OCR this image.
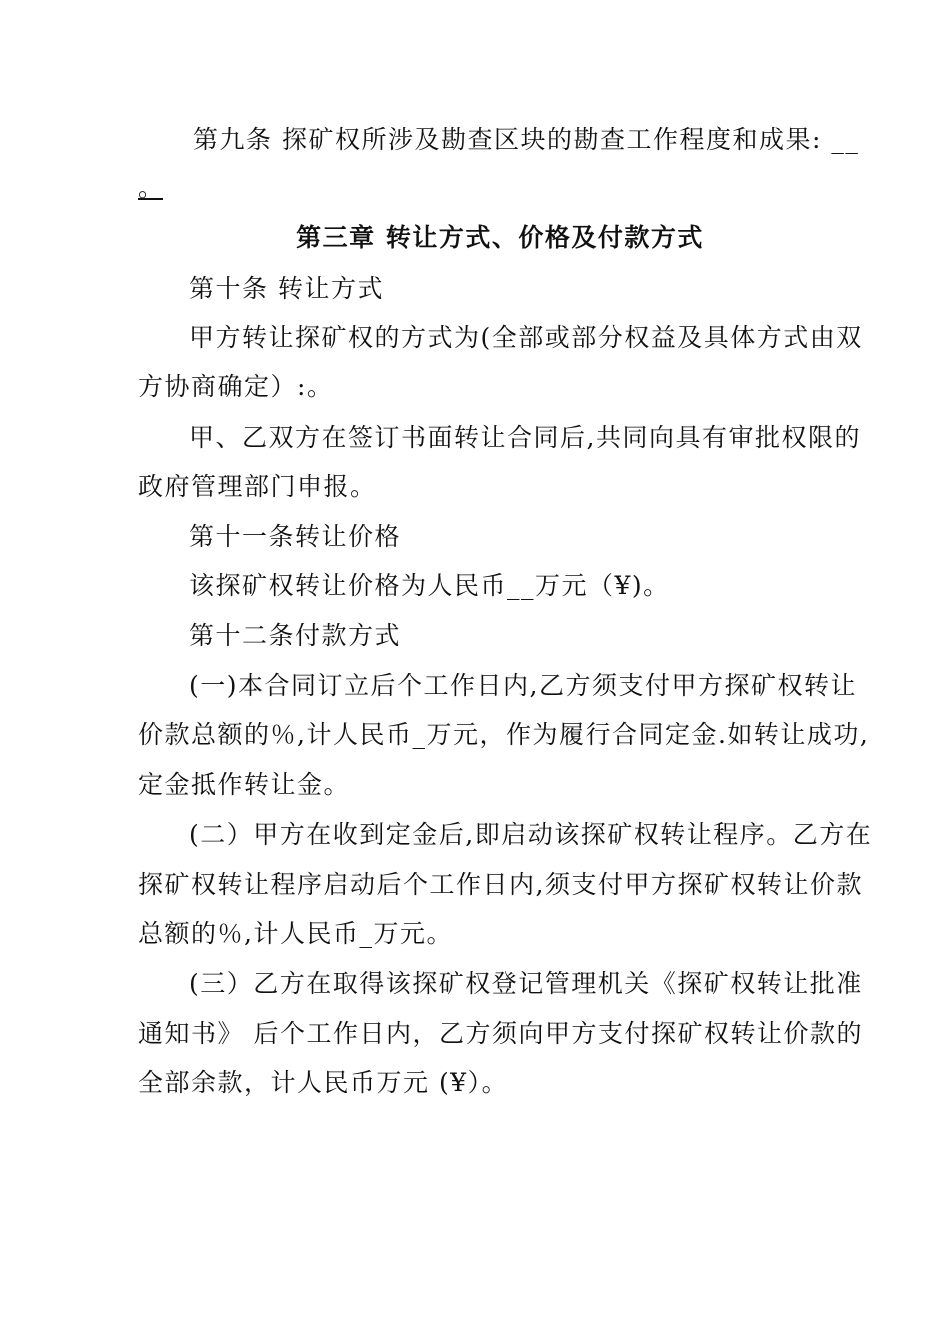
第九条 探矿权所涉及勘查区块的勘查工作程度和成果: __
。
第三章 转让方式、价格及付款方式
第十条 转让方式
甲方转让探矿权的方式为(全部或部分权益及具体方式由双
方协商确定）:。
甲、乙双方在签订书面转让合同后,共同向具有审批权限的
政府管理部门申报。
第十一条转让价格
该探矿权转让价格为人民币__万元（¥)。
第十二条付款方式
(一)本合同订立后个工作日内,乙方须支付甲方探矿权转让
价款总额的％,计人民币_万元，作为履行合同定金.如转让成功,
定金抵作转让金。
(二）甲方在收到定金后,即启动该探矿权转让程序。乙方在
探矿权转让程序启动后个工作日内,须支付甲方探矿权转让价款
总额的％,计人民币_万元。
(三）乙方在取得该探矿权登记管理机关《探矿权转让批准
通知书》 后个工作日内，乙方须向甲方支付探矿权转让价款的
全部余款，计人民币万元 (¥）。
